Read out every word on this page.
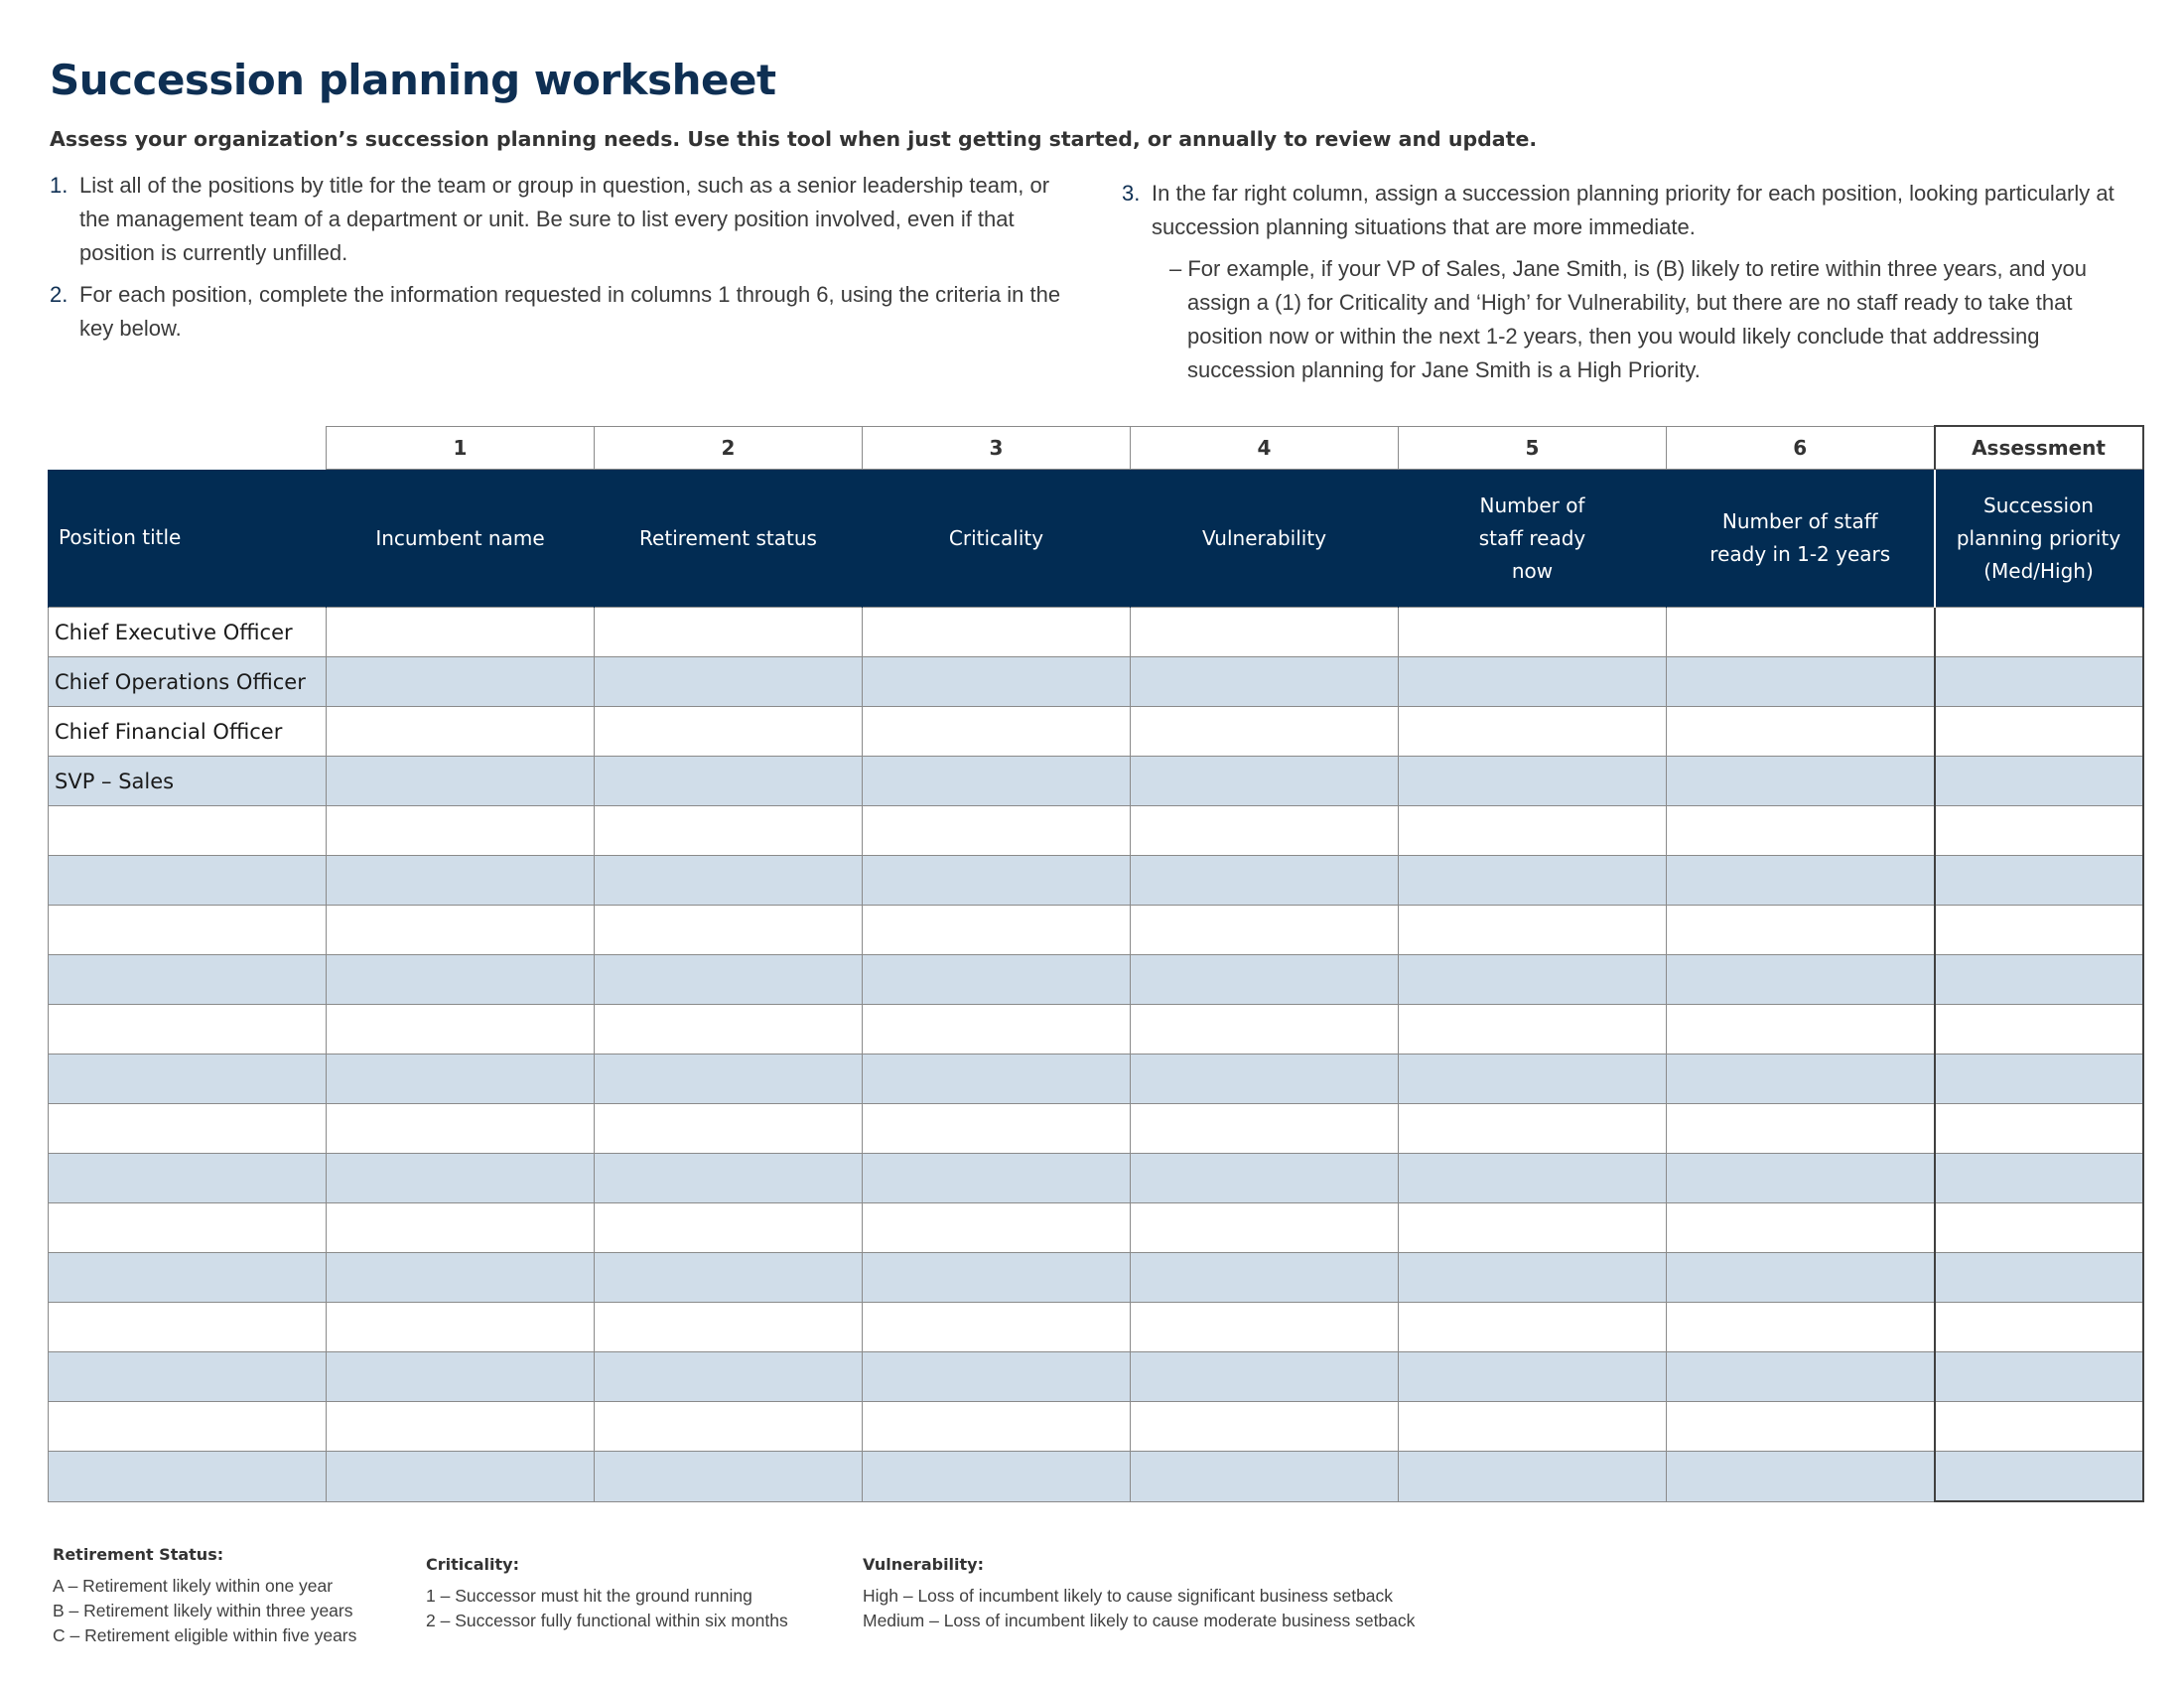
Succession planning worksheet

Assess your organization’s succession planning needs. Use this tool when just getting started, or annually to review and update.

1. List all of the positions by title for the team or group in question, such as a senior leadership team, or the management team of a department or unit. Be sure to list every position involved, even if that position is currently unfilled.
2. For each position, complete the information requested in columns 1 through 6, using the criteria in the key below.
3. In the far right column, assign a succession planning priority for each position, looking particularly at succession planning situations that are more immediate.
– For example, if your VP of Sales, Jane Smith, is (B) likely to retire within three years, and you assign a (1) for Criticality and ‘High’ for Vulnerability, but there are no staff ready to take that position now or within the next 1-2 years, then you would likely conclude that addressing succession planning for Jane Smith is a High Priority.
	1	2	3	4	5	6	Assessment
Position title	Incumbent name	Retirement status	Criticality	Vulnerability	Number of staff ready now	Number of staff ready in 1-2 years	Succession planning priority (Med/High)

Chief Executive Officer							
Chief Operations Officer							
Chief Financial Officer							
SVP – Sales							

Retirement Status:
A – Retirement likely within one year
B – Retirement likely within three years
C – Retirement eligible within five years
Criticality:
1 – Successor must hit the ground running
2 – Successor fully functional within six months
Vulnerability:
High – Loss of incumbent likely to cause significant business setback
Medium – Loss of incumbent likely to cause moderate business setback
